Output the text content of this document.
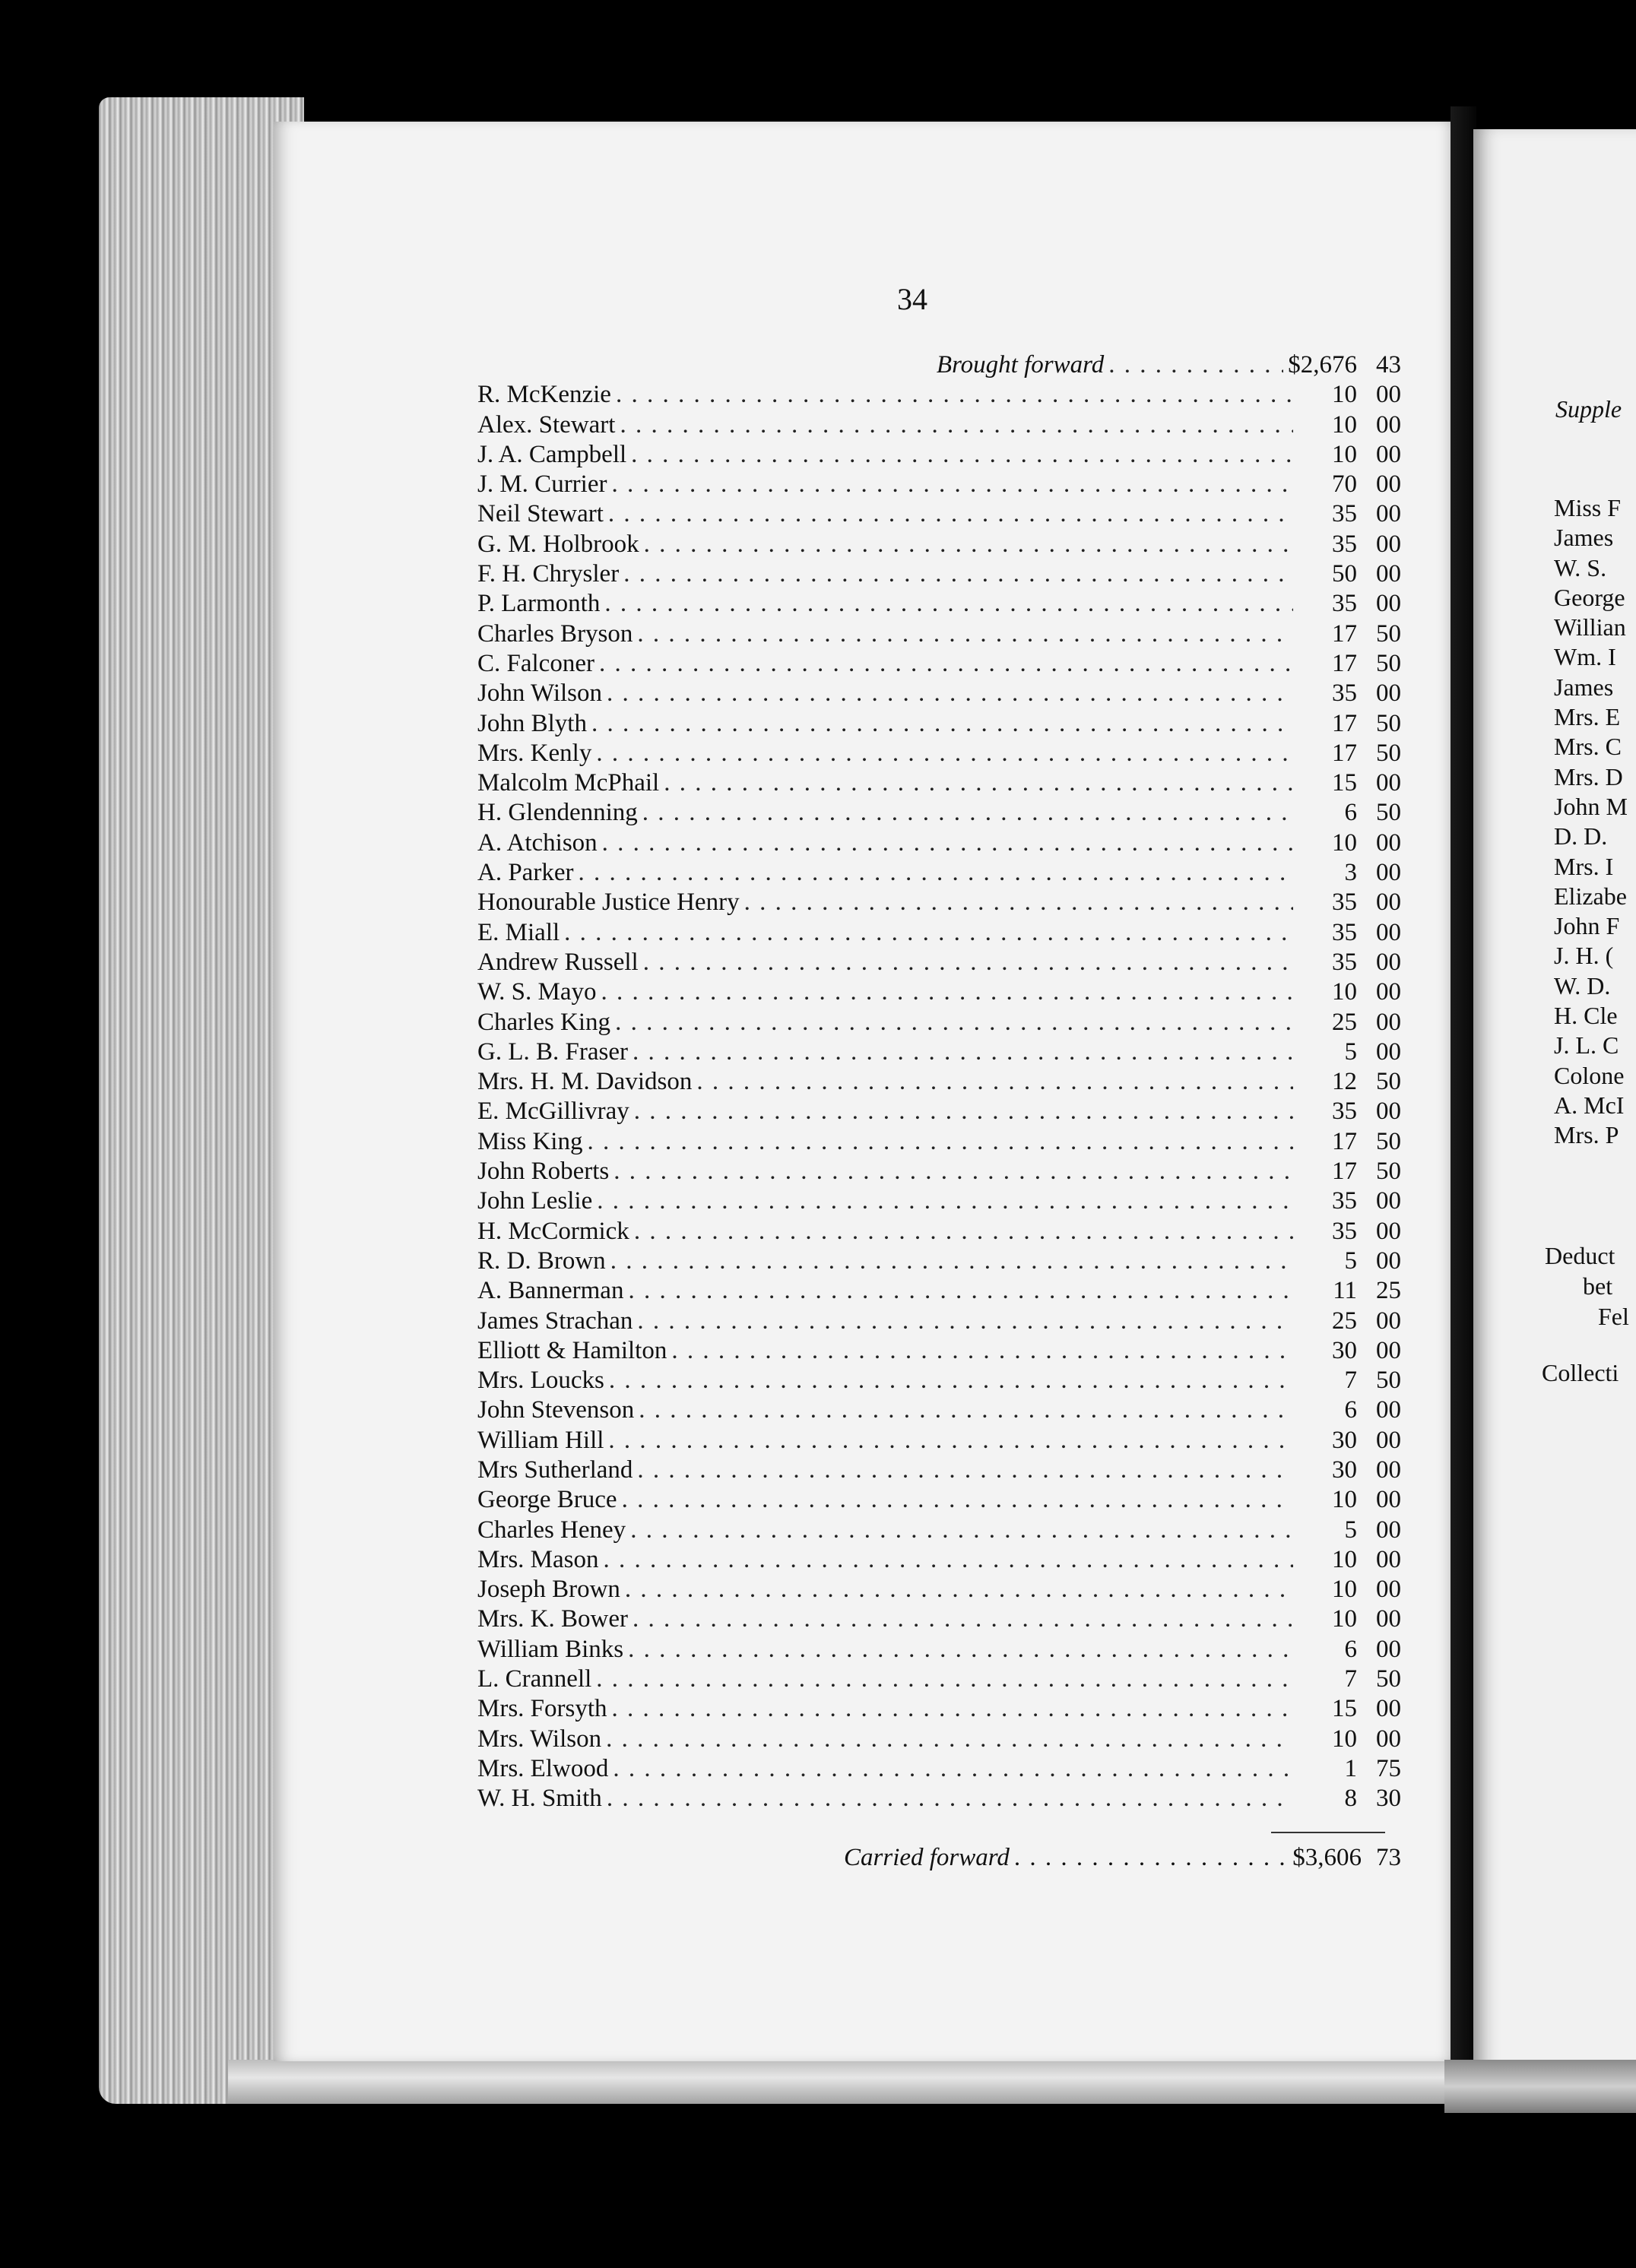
34
Brought forward . . .	$2,676 43
R. McKenzie . . .	10 00
Alex. Stewart . . .	10 00
J. A. Campbell . . .	10 00
J. M. Currier . . .	70 00
Neil Stewart . . .	35 00
G. M. Holbrook . . .	35 00
F. H. Chrysler . . .	50 00
P. Larmonth . . .	35 00
Charles Bryson . . .	17 50
C. Falconer . . .	17 50
John Wilson . . .	35 00
John Blyth . . .	17 50
Mrs. Kenly . . .	17 50
Malcolm McPhail . . .	15 00
H. Glendenning . . .	6 50
A. Atchison . . .	10 00
A. Parker . . .	3 00
Honourable Justice Henry . . .	35 00
E. Miall . . .	35 00
Andrew Russell . . .	35 00
W. S. Mayo . . .	10 00
Charles King . . .	25 00
G. L. B. Fraser . . .	5 00
Mrs. H. M. Davidson . . .	12 50
E. McGillivray . . .	35 00
Miss King . . .	17 50
John Roberts . . .	17 50
John Leslie . . .	35 00
H. McCormick . . .	35 00
R. D. Brown . . .	5 00
A. Bannerman . . .	11 25
James Strachan . . .	25 00
Elliott & Hamilton . . .	30 00
Mrs. Loucks . . .	7 50
John Stevenson . . .	6 00
William Hill . . .	30 00
Mrs Sutherland . . .	30 00
George Bruce . . .	10 00
Charles Heney . . .	5 00
Mrs. Mason . . .	10 00
Joseph Brown . . .	10 00
Mrs. K. Bower . . .	10 00
William Binks . . .	6 00
L. Crannell . . .	7 50
Mrs. Forsyth . . .	15 00
Mrs. Wilson . . .	10 00
Mrs. Elwood . . .	1 75
W. H. Smith . . .	8 30
Carried forward . . .	$3,606 73
Supple
Miss F
James
W. S.
George
Willian
Wm. I
James
Mrs. E
Mrs. C
Mrs. D
John M
D. D.
Mrs. I
Elizabe
John F
J. H. (
W. D.
H. Cle
J. L. C
Colone
A. McI
Mrs. P
Deduct
bet
Fel
Collecti
